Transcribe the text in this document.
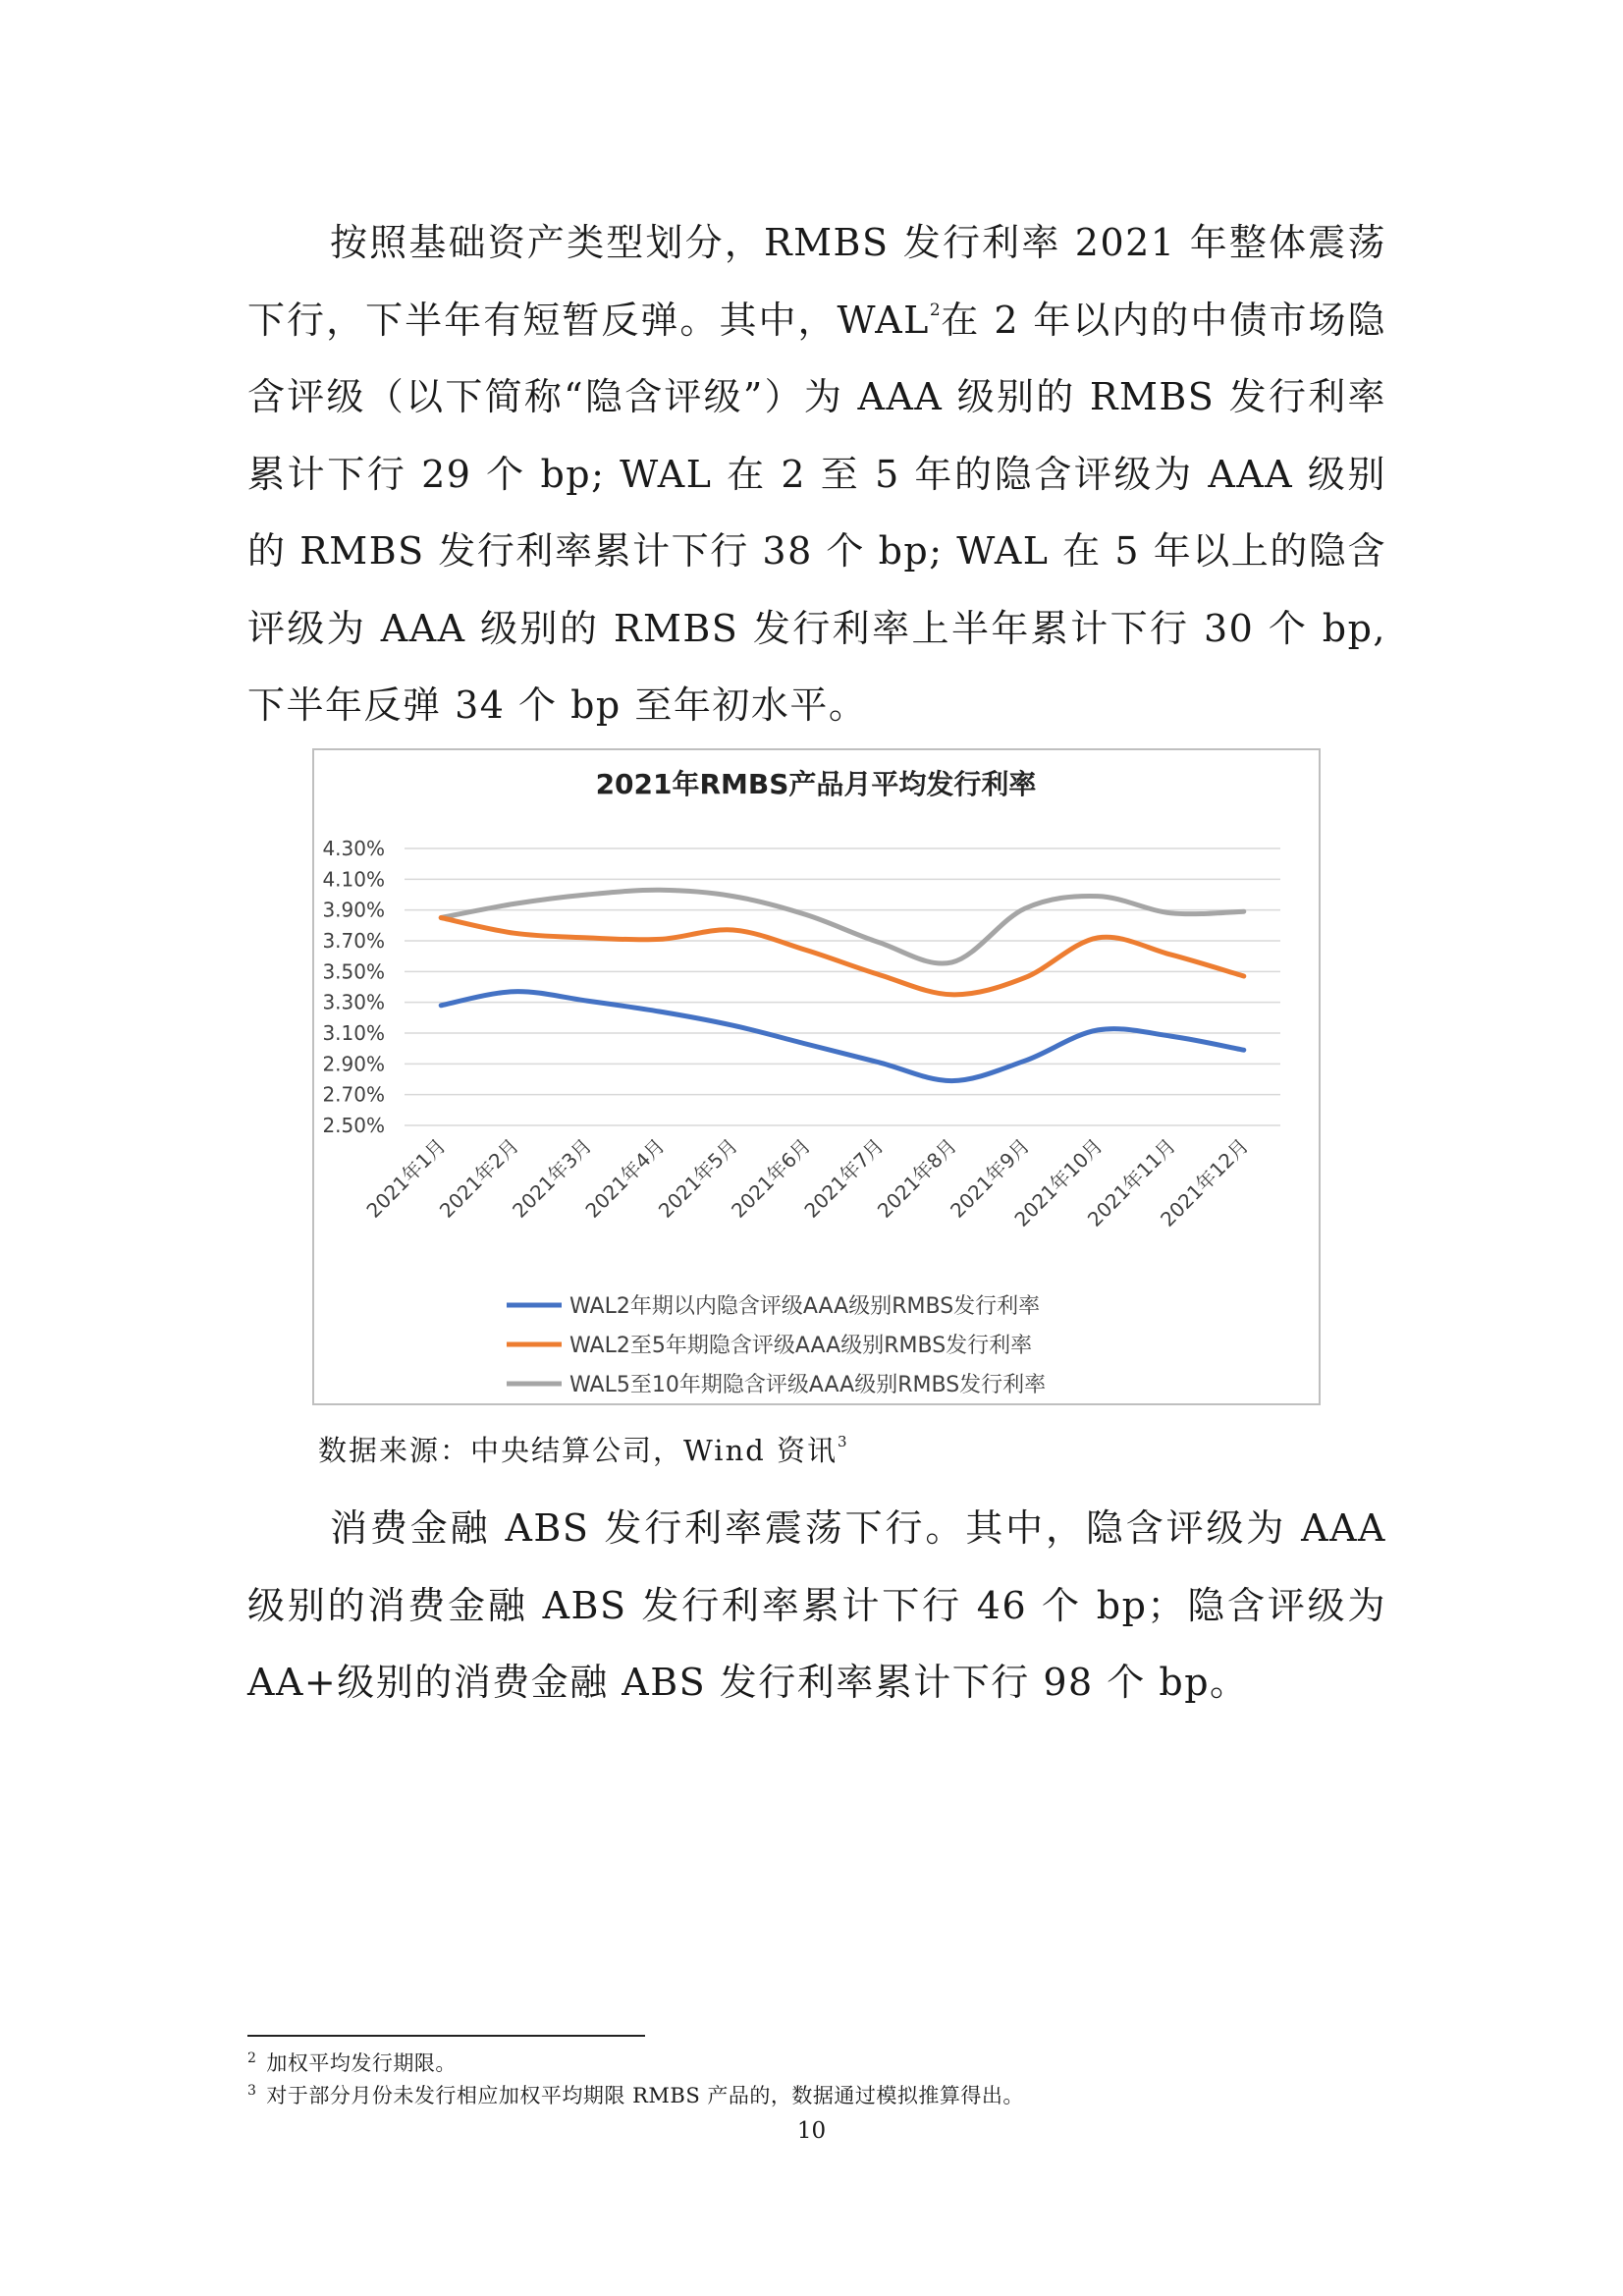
按照基础资产类型划分，RMBS 发行利率 2021 年整体震荡下行，下半年有短暂反弹。其中，WAL$^2$在 2 年以内的中债市场隐含评级（以下简称“隐含评级”）为 AAA 级别的 RMBS 发行利率累计下行 29 个 bp; WAL 在 2 至 5 年的隐含评级为 AAA 级别的 RMBS 发行利率累计下行 38 个 bp; WAL 在 5 年以上的隐含评级为 AAA 级别的 RMBS 发行利率上半年累计下行 30 个 bp,下半年反弹 34 个 bp 至年初水平。

2021年RMBS产品月平均发行利率
4.30%
4.10%
3.90%
3.70%
3.50%
3.30%
3.10%
2.90%
2.70%
2.50%
2021年1月
2021年2月
2021年3月
2021年4月
2021年5月
2021年6月
2021年7月
2021年8月
2021年9月
2021年10月
2021年11月
2021年12月
WAL2年期以内隐含评级AAA级别RMBS发行利率
WAL2至5年期隐含评级AAA级别RMBS发行利率
WAL5至10年期隐含评级AAA级别RMBS发行利率

数据来源：中央结算公司，Wind 资讯$^3$

消费金融 ABS 发行利率震荡下行。其中，隐含评级为 AAA 级别的消费金融 ABS 发行利率累计下行 46 个 bp；隐含评级为 AA+级别的消费金融 ABS 发行利率累计下行 98 个 bp。

$^2$ 加权平均发行期限。

$^3$ 对于部分月份未发行相应加权平均期限 RMBS 产品的，数据通过模拟推算得出。

10
